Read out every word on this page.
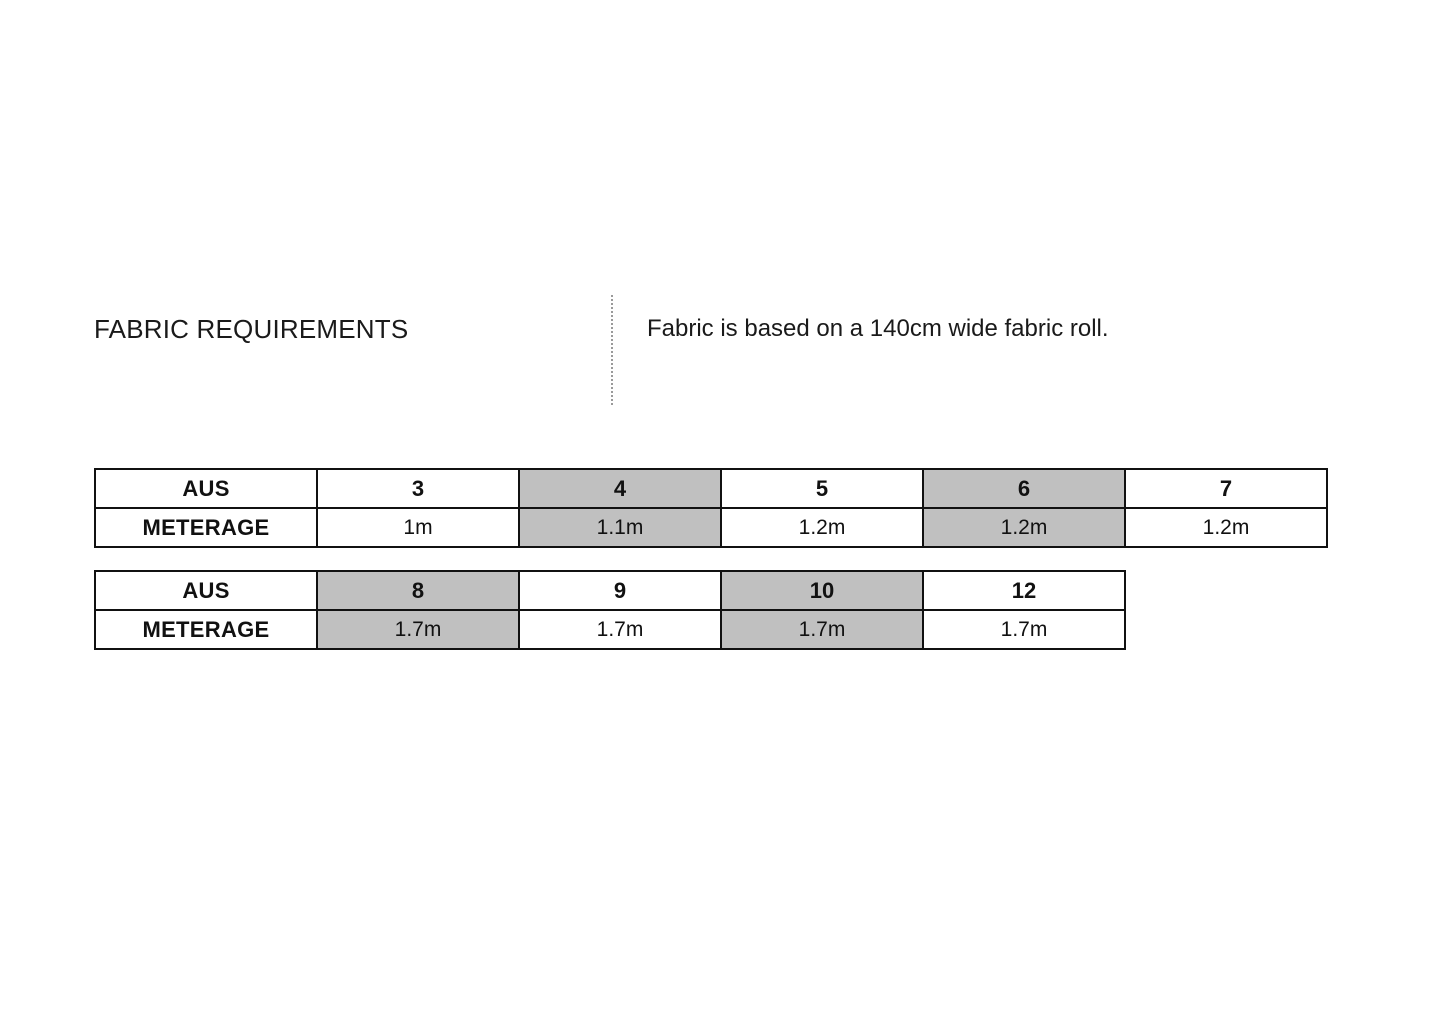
FABRIC REQUIREMENTS	Fabric is based on a 140cm wide fabric roll.
AUS	3	4	5	6	7
METERAGE	1m	1.1m	1.2m	1.2m	1.2m
AUS	8	9	10	12
METERAGE	1.7m	1.7m	1.7m	1.7m
